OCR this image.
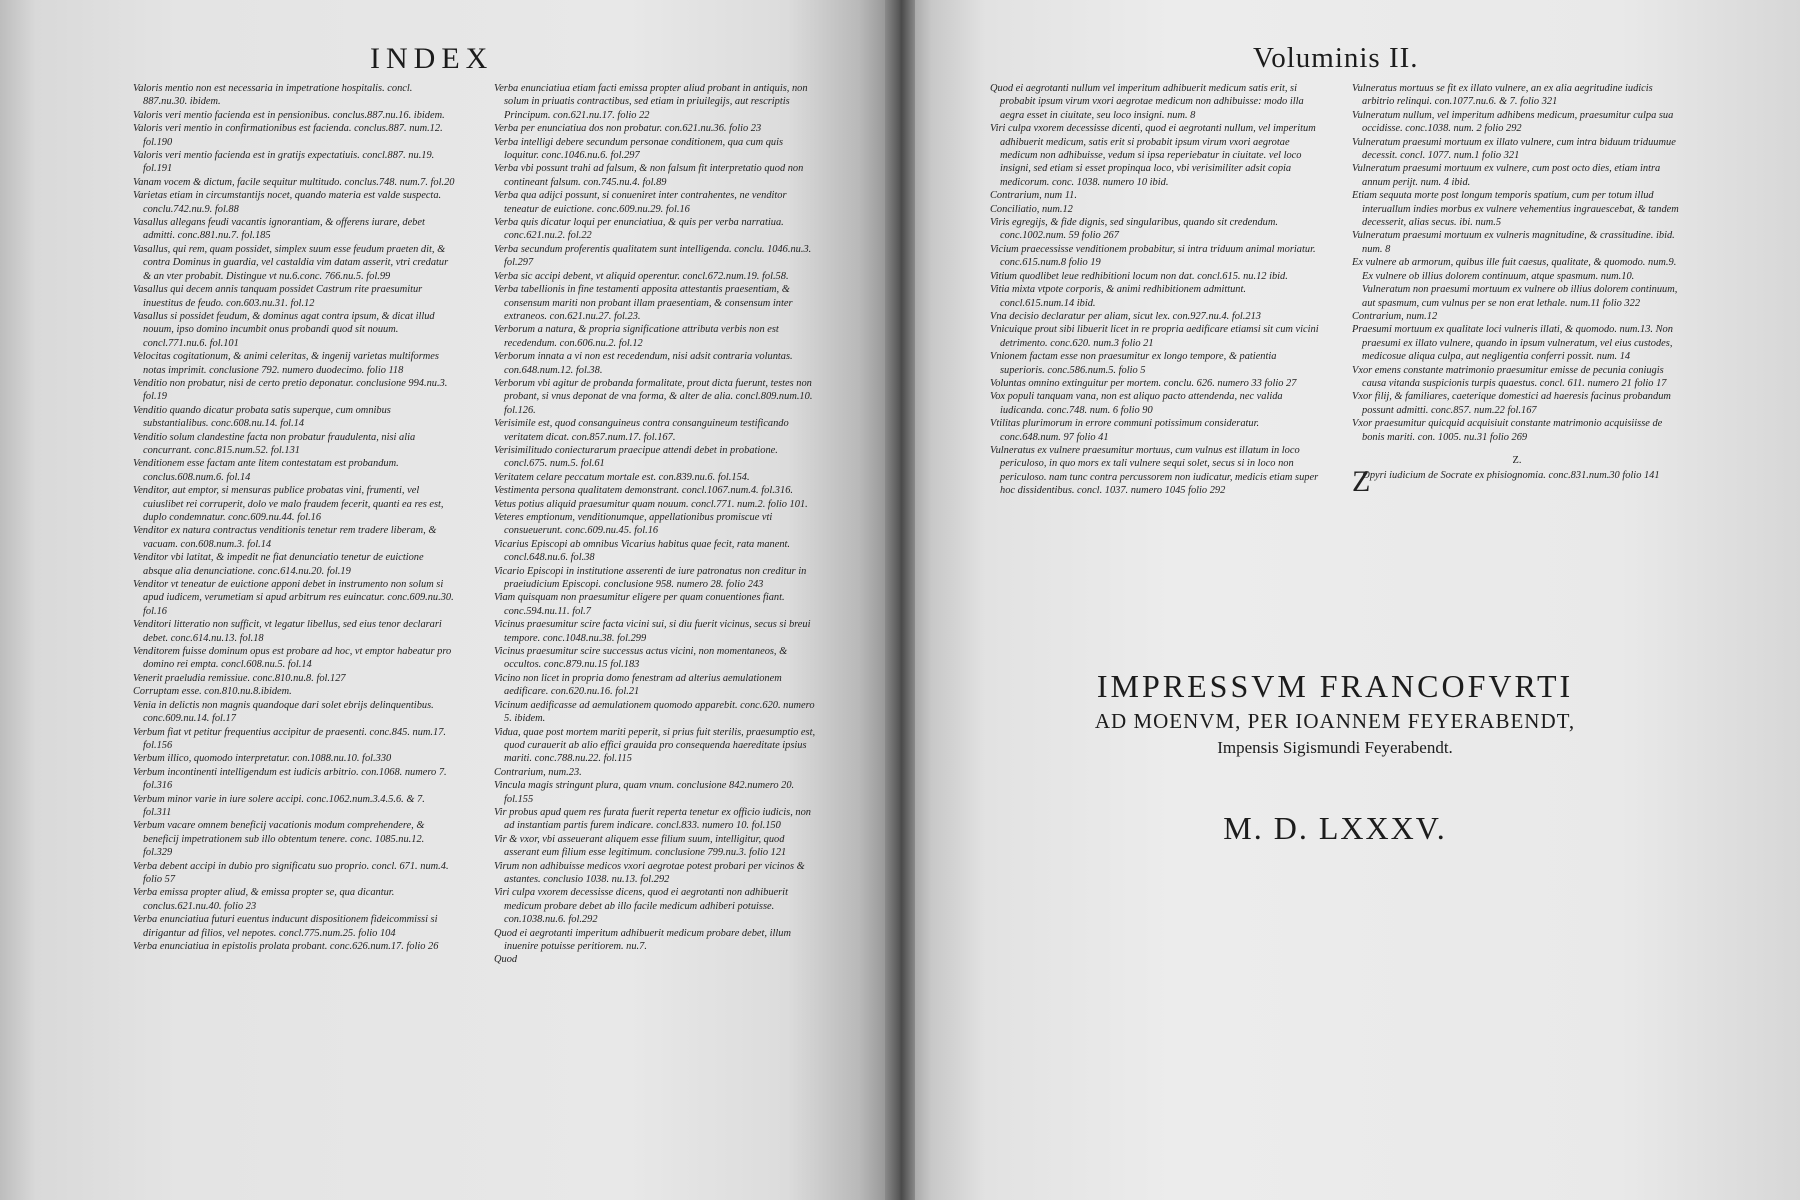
INDEX	Voluminis II.

Valoris mentio non est necessaria in impetratione hospitalis. concl. 887.nu.30. ibidem.

Valoris veri mentio facienda est in pensionibus. conclus.887.nu.16. ibidem.

Valoris veri mentio in confirmationibus est facienda. conclus.887. num.12. fol.190

Valoris veri mentio facienda est in gratijs expectatiuis. concl.887. nu.19. fol.191

Vanam vocem & dictum, facile sequitur multitudo. conclus.748. num.7. fol.20

Varietas etiam in circumstantijs nocet, quando materia est valde suspecta. conclu.742.nu.9. fol.88

Vasallus allegans feudi vacantis ignorantiam, & offerens iurare, debet admitti. conc.881.nu.7. fol.185

Vasallus, qui rem, quam possidet, simplex suum esse feudum praeten dit, & contra Dominus in guardia, vel castaldia vim datam asserit, vtri credatur & an vter probabit. Distingue vt nu.6.conc. 766.nu.5. fol.99

Vasallus qui decem annis tanquam possidet Castrum rite praesumitur inuestitus de feudo. con.603.nu.31. fol.12

Vasallus si possidet feudum, & dominus agat contra ipsum, & dicat illud nouum, ipso domino incumbit onus probandi quod sit nouum. concl.771.nu.6. fol.101

Velocitas cogitationum, & animi celeritas, & ingenij varietas multiformes notas imprimit. conclusione 792. numero duodecimo. folio 118

Venditio non probatur, nisi de certo pretio deponatur. conclusione 994.nu.3. fol.19

Venditio quando dicatur probata satis superque, cum omnibus substantialibus. conc.608.nu.14. fol.14

Venditio solum clandestine facta non probatur fraudulenta, nisi alia concurrant. conc.815.num.52. fol.131

Venditionem esse factam ante litem contestatam est probandum. conclus.608.num.6. fol.14

Venditor, aut emptor, si mensuras publice probatas vini, frumenti, vel cuiuslibet rei corruperit, dolo ve malo fraudem fecerit, quanti ea res est, duplo condemnatur. conc.609.nu.44. fol.16

Venditor ex natura contractus venditionis tenetur rem tradere liberam, & vacuam. con.608.num.3. fol.14

Venditor vbi latitat, & impedit ne fiat denunciatio tenetur de euictione absque alia denunciatione. conc.614.nu.20. fol.19

Venditor vt teneatur de euictione apponi debet in instrumento non solum si apud iudicem, verumetiam si apud arbitrum res euincatur. conc.609.nu.30. fol.16

Venditori litteratio non sufficit, vt legatur libellus, sed eius tenor declarari debet. conc.614.nu.13. fol.18

Venditorem fuisse dominum opus est probare ad hoc, vt emptor habeatur pro domino rei empta. concl.608.nu.5. fol.14

Venerit praeludia remissiue. conc.810.nu.8. fol.127

Corruptam esse. con.810.nu.8.ibidem.

Venia in delictis non magnis quandoque dari solet ebrijs delinquentibus. conc.609.nu.14. fol.17

Verbum fiat vt petitur frequentius accipitur de praesenti. conc.845. num.17. fol.156

Verbum illico, quomodo interpretatur. con.1088.nu.10. fol.330

Verbum incontinenti intelligendum est iudicis arbitrio. con.1068. numero 7. fol.316

Verbum minor varie in iure solere accipi. conc.1062.num.3.4.5.6. & 7. fol.311

Verbum vacare omnem beneficij vacationis modum comprehendere, & beneficij impetrationem sub illo obtentum tenere. conc. 1085.nu.12. fol.329

Verba debent accipi in dubio pro significatu suo proprio. concl. 671. num.4. folio 57

Verba emissa propter aliud, & emissa propter se, qua dicantur. conclus.621.nu.40. folio 23

Verba enunciatiua futuri euentus inducunt dispositionem fideicommissi si dirigantur ad filios, vel nepotes. concl.775.num.25. folio 104

Verba enunciatiua in epistolis prolata probant. conc.626.num.17. folio 26

Verba enunciatiua etiam facti emissa propter aliud probant in antiquis, non solum in priuatis contractibus, sed etiam in priuilegijs, aut rescriptis Principum. con.621.nu.17. folio 22

Verba per enunciatiua dos non probatur. con.621.nu.36. folio 23

Verba intelligi debere secundum personae conditionem, qua cum quis loquitur. conc.1046.nu.6. fol.297

Verba vbi possunt trahi ad falsum, & non falsum fit interpretatio quod non contineant falsum. con.745.nu.4. fol.89

Verba qua adijci possunt, si conueniret inter contrahentes, ne venditor teneatur de euictione. conc.609.nu.29. fol.16

Verba quis dicatur loqui per enunciatiua, & quis per verba narratiua. conc.621.nu.2. fol.22

Verba secundum proferentis qualitatem sunt intelligenda. conclu. 1046.nu.3. fol.297

Verba sic accipi debent, vt aliquid operentur. concl.672.num.19. fol.58.

Verba tabellionis in fine testamenti apposita attestantis praesentiam, & consensum mariti non probant illam praesentiam, & consensum inter extraneos. con.621.nu.27. fol.23.

Verborum a natura, & propria significatione attributa verbis non est recedendum. con.606.nu.2. fol.12

Verborum innata a vi non est recedendum, nisi adsit contraria voluntas. con.648.num.12. fol.38.

Verborum vbi agitur de probanda formalitate, prout dicta fuerunt, testes non probant, si vnus deponat de vna forma, & alter de alia. concl.809.num.10. fol.126.

Verisimile est, quod consanguineus contra consanguineum testificando veritatem dicat. con.857.num.17. fol.167.

Verisimilitudo coniecturarum praecipue attendi debet in probatione. concl.675. num.5. fol.61

Veritatem celare peccatum mortale est. con.839.nu.6. fol.154.

Vestimenta persona qualitatem demonstrant. concl.1067.num.4. fol.316.

Vetus potius aliquid praesumitur quam nouum. concl.771. num.2. folio 101.

Veteres emptionum, venditionumque, appellationibus promiscue vti consueuerunt. conc.609.nu.45. fol.16

Vicarius Episcopi ab omnibus Vicarius habitus quae fecit, rata manent. concl.648.nu.6. fol.38

Vicario Episcopi in institutione asserenti de iure patronatus non creditur in praeiudicium Episcopi. conclusione 958. numero 28. folio 243

Viam quisquam non praesumitur eligere per quam conuentiones fiant. conc.594.nu.11. fol.7

Vicinus praesumitur scire facta vicini sui, si diu fuerit vicinus, secus si breui tempore. conc.1048.nu.38. fol.299

Vicinus praesumitur scire successus actus vicini, non momentaneos, & occultos. conc.879.nu.15 fol.183

Vicino non licet in propria domo fenestram ad alterius aemulationem aedificare. con.620.nu.16. fol.21

Vicinum aedificasse ad aemulationem quomodo apparebit. conc.620. numero 5. ibidem.

Vidua, quae post mortem mariti peperit, si prius fuit sterilis, praesumptio est, quod curauerit ab alio effici grauida pro consequenda haereditate ipsius mariti. conc.788.nu.22. fol.115

Contrarium, num.23.

Vincula magis stringunt plura, quam vnum. conclusione 842.numero 20. fol.155

Vir probus apud quem res furata fuerit reperta tenetur ex officio iudicis, non ad instantiam partis furem indicare. concl.833. numero 10. fol.150

Vir & vxor, vbi asseuerant aliquem esse filium suum, intelligitur, quod asserant eum filium esse legitimum. conclusione 799.nu.3. folio 121

Virum non adhibuisse medicos vxori aegrotae potest probari per vicinos & astantes. conclusio 1038. nu.13. fol.292

Viri culpa vxorem decessisse dicens, quod ei aegrotanti non adhibuerit medicum probare debet ab illo facile medicum adhiberi potuisse. con.1038.nu.6. fol.292

Quod ei aegrotanti imperitum adhibuerit medicum probare debet, illum inuenire potuisse peritiorem. nu.7.

Quod

Quod ei aegrotanti nullum vel imperitum adhibuerit medicum satis erit, si probabit ipsum virum vxori aegrotae medicum non adhibuisse: modo illa aegra esset in ciuitate, seu loco insigni. num. 8

Viri culpa vxorem decessisse dicenti, quod ei aegrotanti nullum, vel imperitum adhibuerit medicum, satis erit si probabit ipsum virum vxori aegrotae medicum non adhibuisse, vedum si ipsa reperiebatur in ciuitate. vel loco insigni, sed etiam si esset propinqua loco, vbi verisimiliter adsit copia medicorum. conc. 1038. numero 10 ibid.

Contrarium, num 11.

Conciliatio, num.12

Viris egregijs, & fide dignis, sed singularibus, quando sit credendum. conc.1002.num. 59 folio 267

Vicium praecessisse venditionem probabitur, si intra triduum animal moriatur. conc.615.num.8 folio 19

Vitium quodlibet leue redhibitioni locum non dat. concl.615. nu.12 ibid.

Vitia mixta vtpote corporis, & animi redhibitionem admittunt. concl.615.num.14 ibid.

Vna decisio declaratur per aliam, sicut lex. con.927.nu.4. fol.213

Vnicuique prout sibi libuerit licet in re propria aedificare etiamsi sit cum vicini detrimento. conc.620. num.3 folio 21

Vnionem factam esse non praesumitur ex longo tempore, & patientia superioris. conc.586.num.5. folio 5

Voluntas omnino extinguitur per mortem. conclu. 626. numero 33 folio 27

Vox populi tanquam vana, non est aliquo pacto attendenda, nec valida iudicanda. conc.748. num. 6 folio 90

Vtilitas plurimorum in errore communi potissimum consideratur. conc.648.num. 97 folio 41

Vulneratus ex vulnere praesumitur mortuus, cum vulnus est illatum in loco periculoso, in quo mors ex tali vulnere sequi solet, secus si in loco non periculoso. nam tunc contra percussorem non iudicatur, medicis etiam super hoc dissidentibus. concl. 1037. numero 1045 folio 292

Vulneratus mortuus se fit ex illato vulnere, an ex alia aegritudine iudicis arbitrio relinqui. con.1077.nu.6. & 7. folio 321

Vulneratum nullum, vel imperitum adhibens medicum, praesumitur culpa sua occidisse. conc.1038. num. 2 folio 292

Vulneratum praesumi mortuum ex illato vulnere, cum intra biduum triduumue decessit. concl. 1077. num.1 folio 321

Vulneratum praesumi mortuum ex vulnere, cum post octo dies, etiam intra annum perijt. num. 4 ibid.

Etiam sequuta morte post longum temporis spatium, cum per totum illud interuallum indies morbus ex vulnere vehementius ingrauescebat, & tandem decesserit, alias secus. ibi. num.5

Vulneratum praesumi mortuum ex vulneris magnitudine, & crassitudine. ibid. num. 8

Ex vulnere ab armorum, quibus ille fuit caesus, qualitate, & quomodo. num.9. Ex vulnere ob illius dolorem continuum, atque spasmum. num.10. Vulneratum non praesumi mortuum ex vulnere ob illius dolorem continuum, aut spasmum, cum vulnus per se non erat lethale. num.11 folio 322

Contrarium, num.12

Praesumi mortuum ex qualitate loci vulneris illati, & quomodo. num.13. Non praesumi ex illato vulnere, quando in ipsum vulneratum, vel eius custodes, medicosue aliqua culpa, aut negligentia conferri possit. num. 14

Vxor emens constante matrimonio praesumitur emisse de pecunia coniugis causa vitanda suspicionis turpis quaestus. concl. 611. numero 21 folio 17

Vxor filij, & familiares, caeterique domestici ad haeresis facinus probandum possunt admitti. conc.857. num.22 fol.167

Vxor praesumitur quicquid acquisiuit constante matrimonio acquisiisse de bonis mariti. con. 1005. nu.31 folio 269

Z.

Z
Opyri iudicium de Socrate ex phisiognomia. conc.831.num.30 folio 141

IMPRESSVM FRANCOFVRTI

AD MOENVM, PER IOANNEM FEYERABENDT,

Impensis Sigismundi Feyerabendt.

M. D. LXXXV.
